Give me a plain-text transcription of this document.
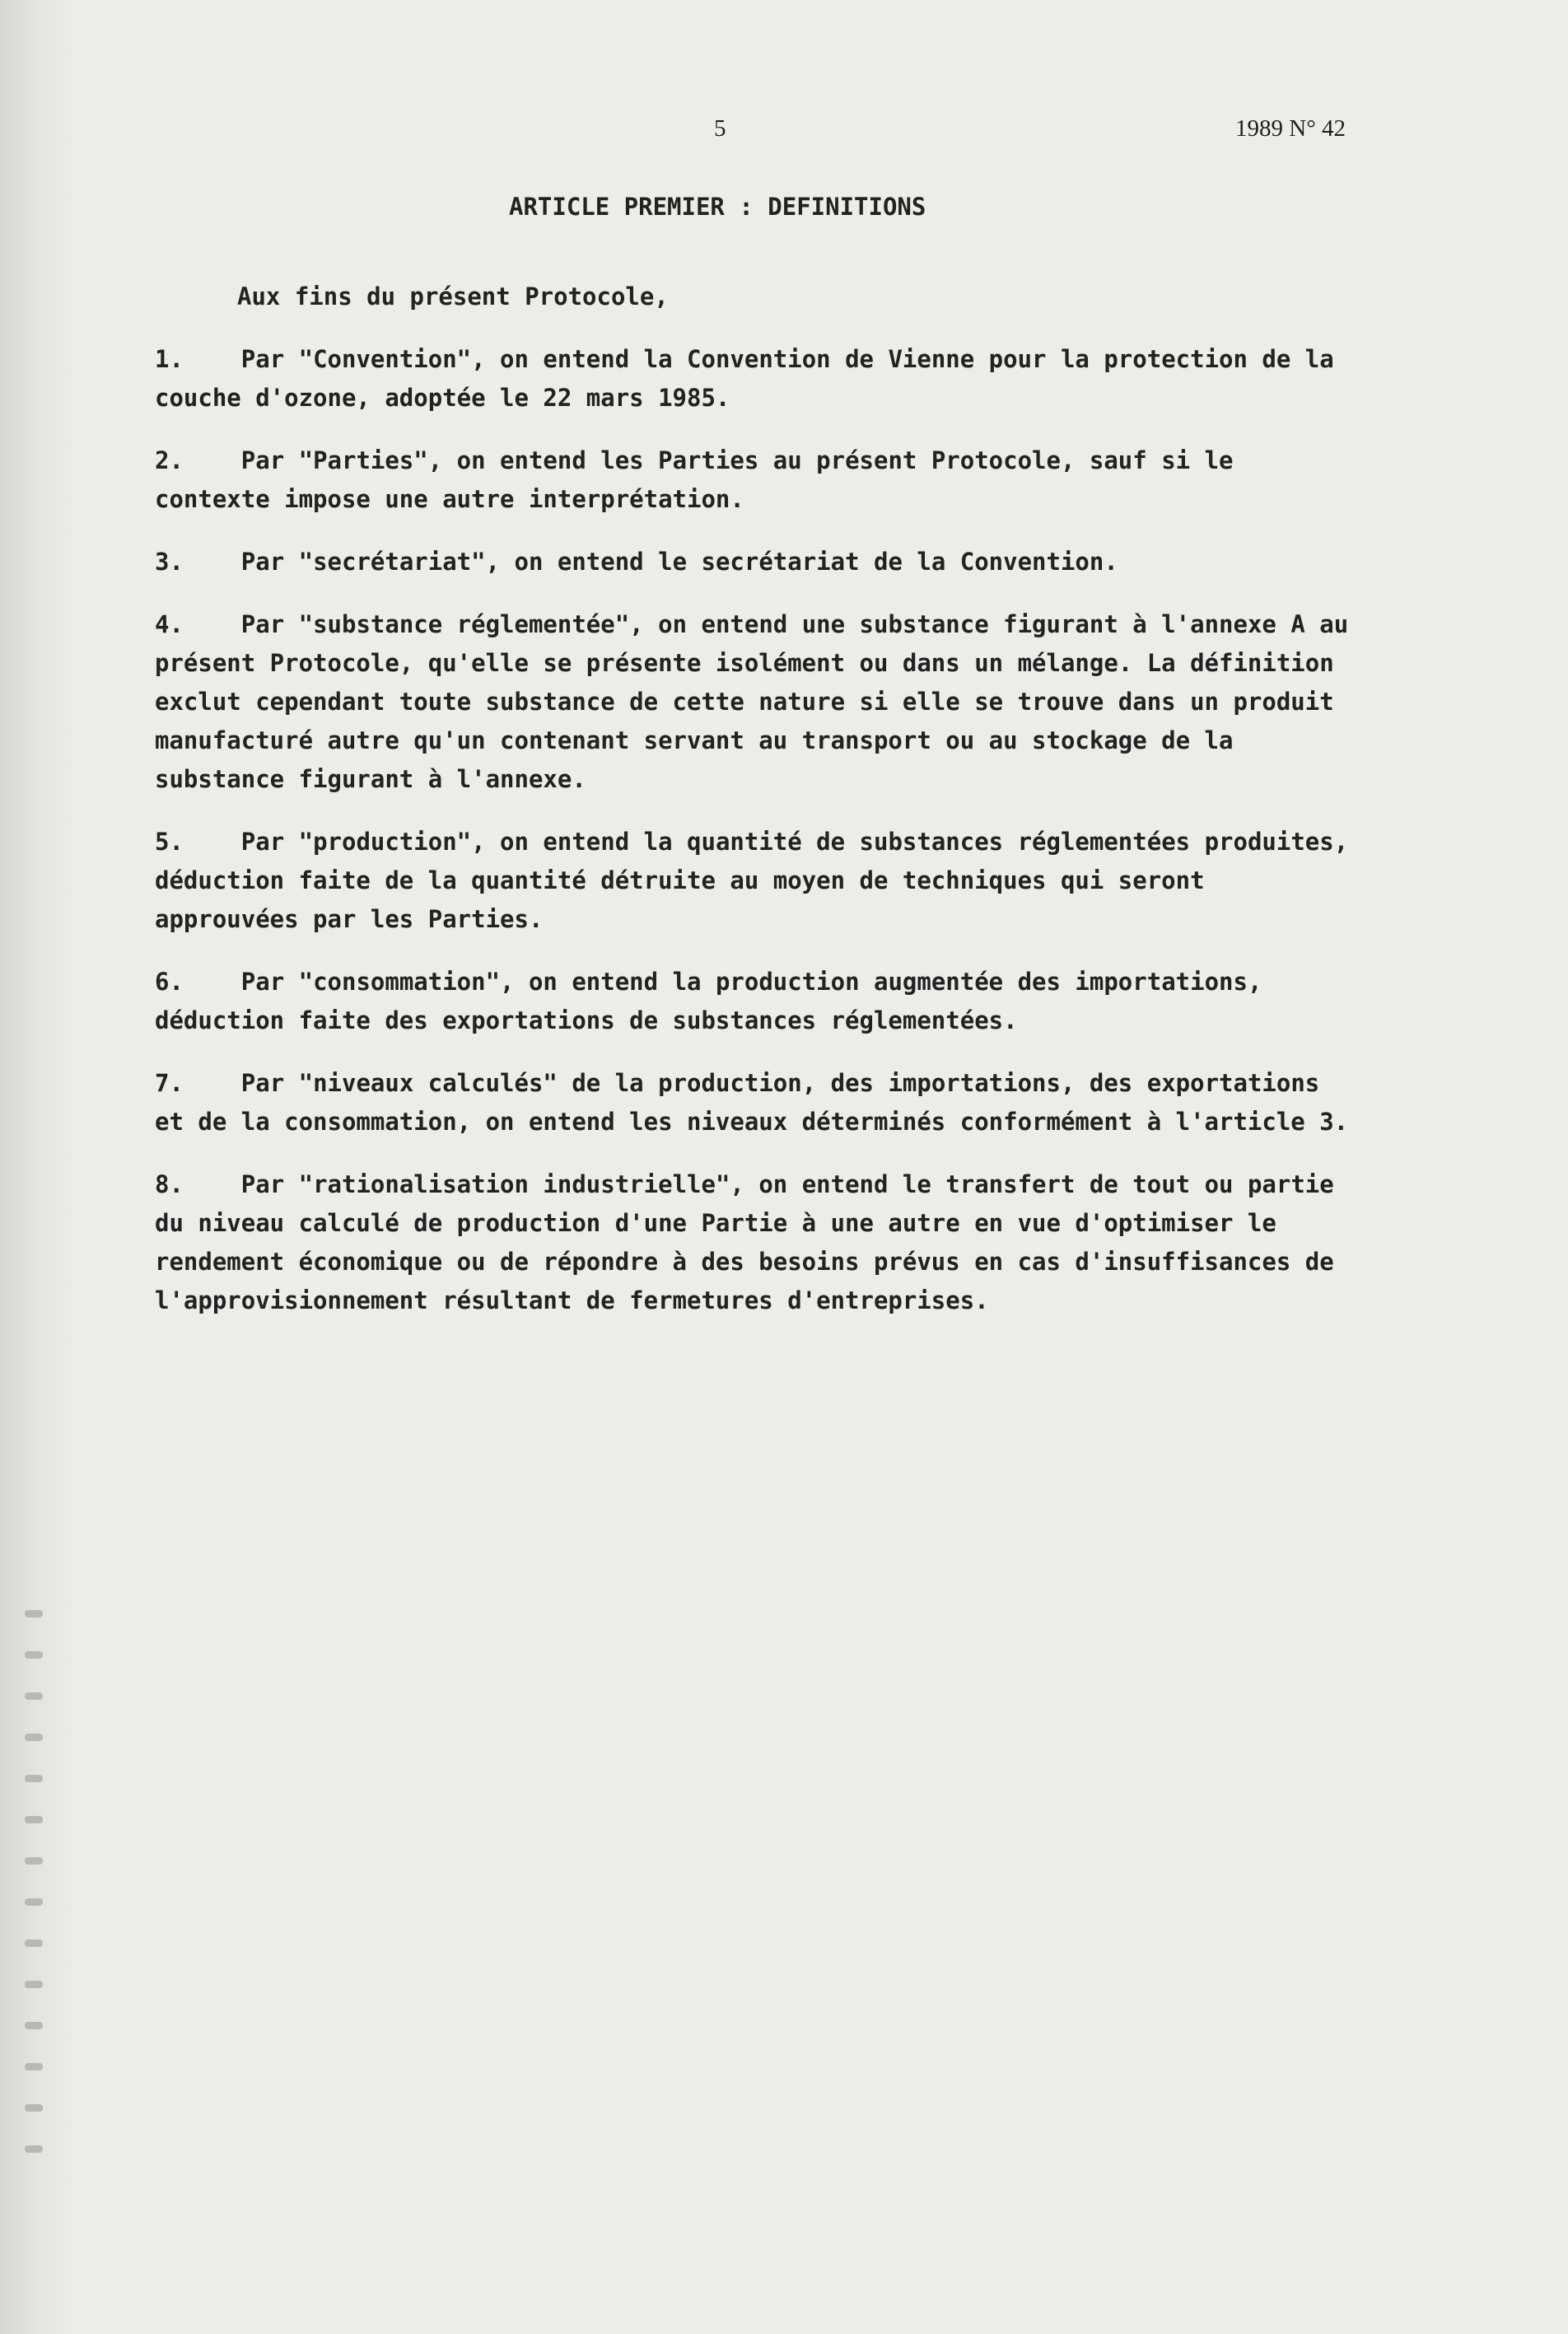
5	1989 N° 42
ARTICLE PREMIER : DEFINITIONS
Aux fins du présent Protocole,
1.    Par "Convention", on entend la Convention de Vienne pour la protection de la couche d'ozone, adoptée le 22 mars 1985.
2.    Par "Parties", on entend les Parties au présent Protocole, sauf si le contexte impose une autre interprétation.
3.    Par "secrétariat", on entend le secrétariat de la Convention.
4.    Par "substance réglementée", on entend une substance figurant à l'annexe A au présent Protocole, qu'elle se présente isolément ou dans un mélange. La définition exclut cependant toute substance de cette nature si elle se trouve dans un produit manufacturé autre qu'un contenant servant au transport ou au stockage de la substance figurant à l'annexe.
5.    Par "production", on entend la quantité de substances réglementées produites, déduction faite de la quantité détruite au moyen de techniques qui seront approuvées par les Parties.
6.    Par "consommation", on entend la production augmentée des importations, déduction faite des exportations de substances réglementées.
7.    Par "niveaux calculés" de la production, des importations, des exportations et de la consommation, on entend les niveaux déterminés conformément à l'article 3.
8.    Par "rationalisation industrielle", on entend le transfert de tout ou partie du niveau calculé de production d'une Partie à une autre en vue d'optimiser le rendement économique ou de répondre à des besoins prévus en cas d'insuffisances de l'approvisionnement résultant de fermetures d'entreprises.
